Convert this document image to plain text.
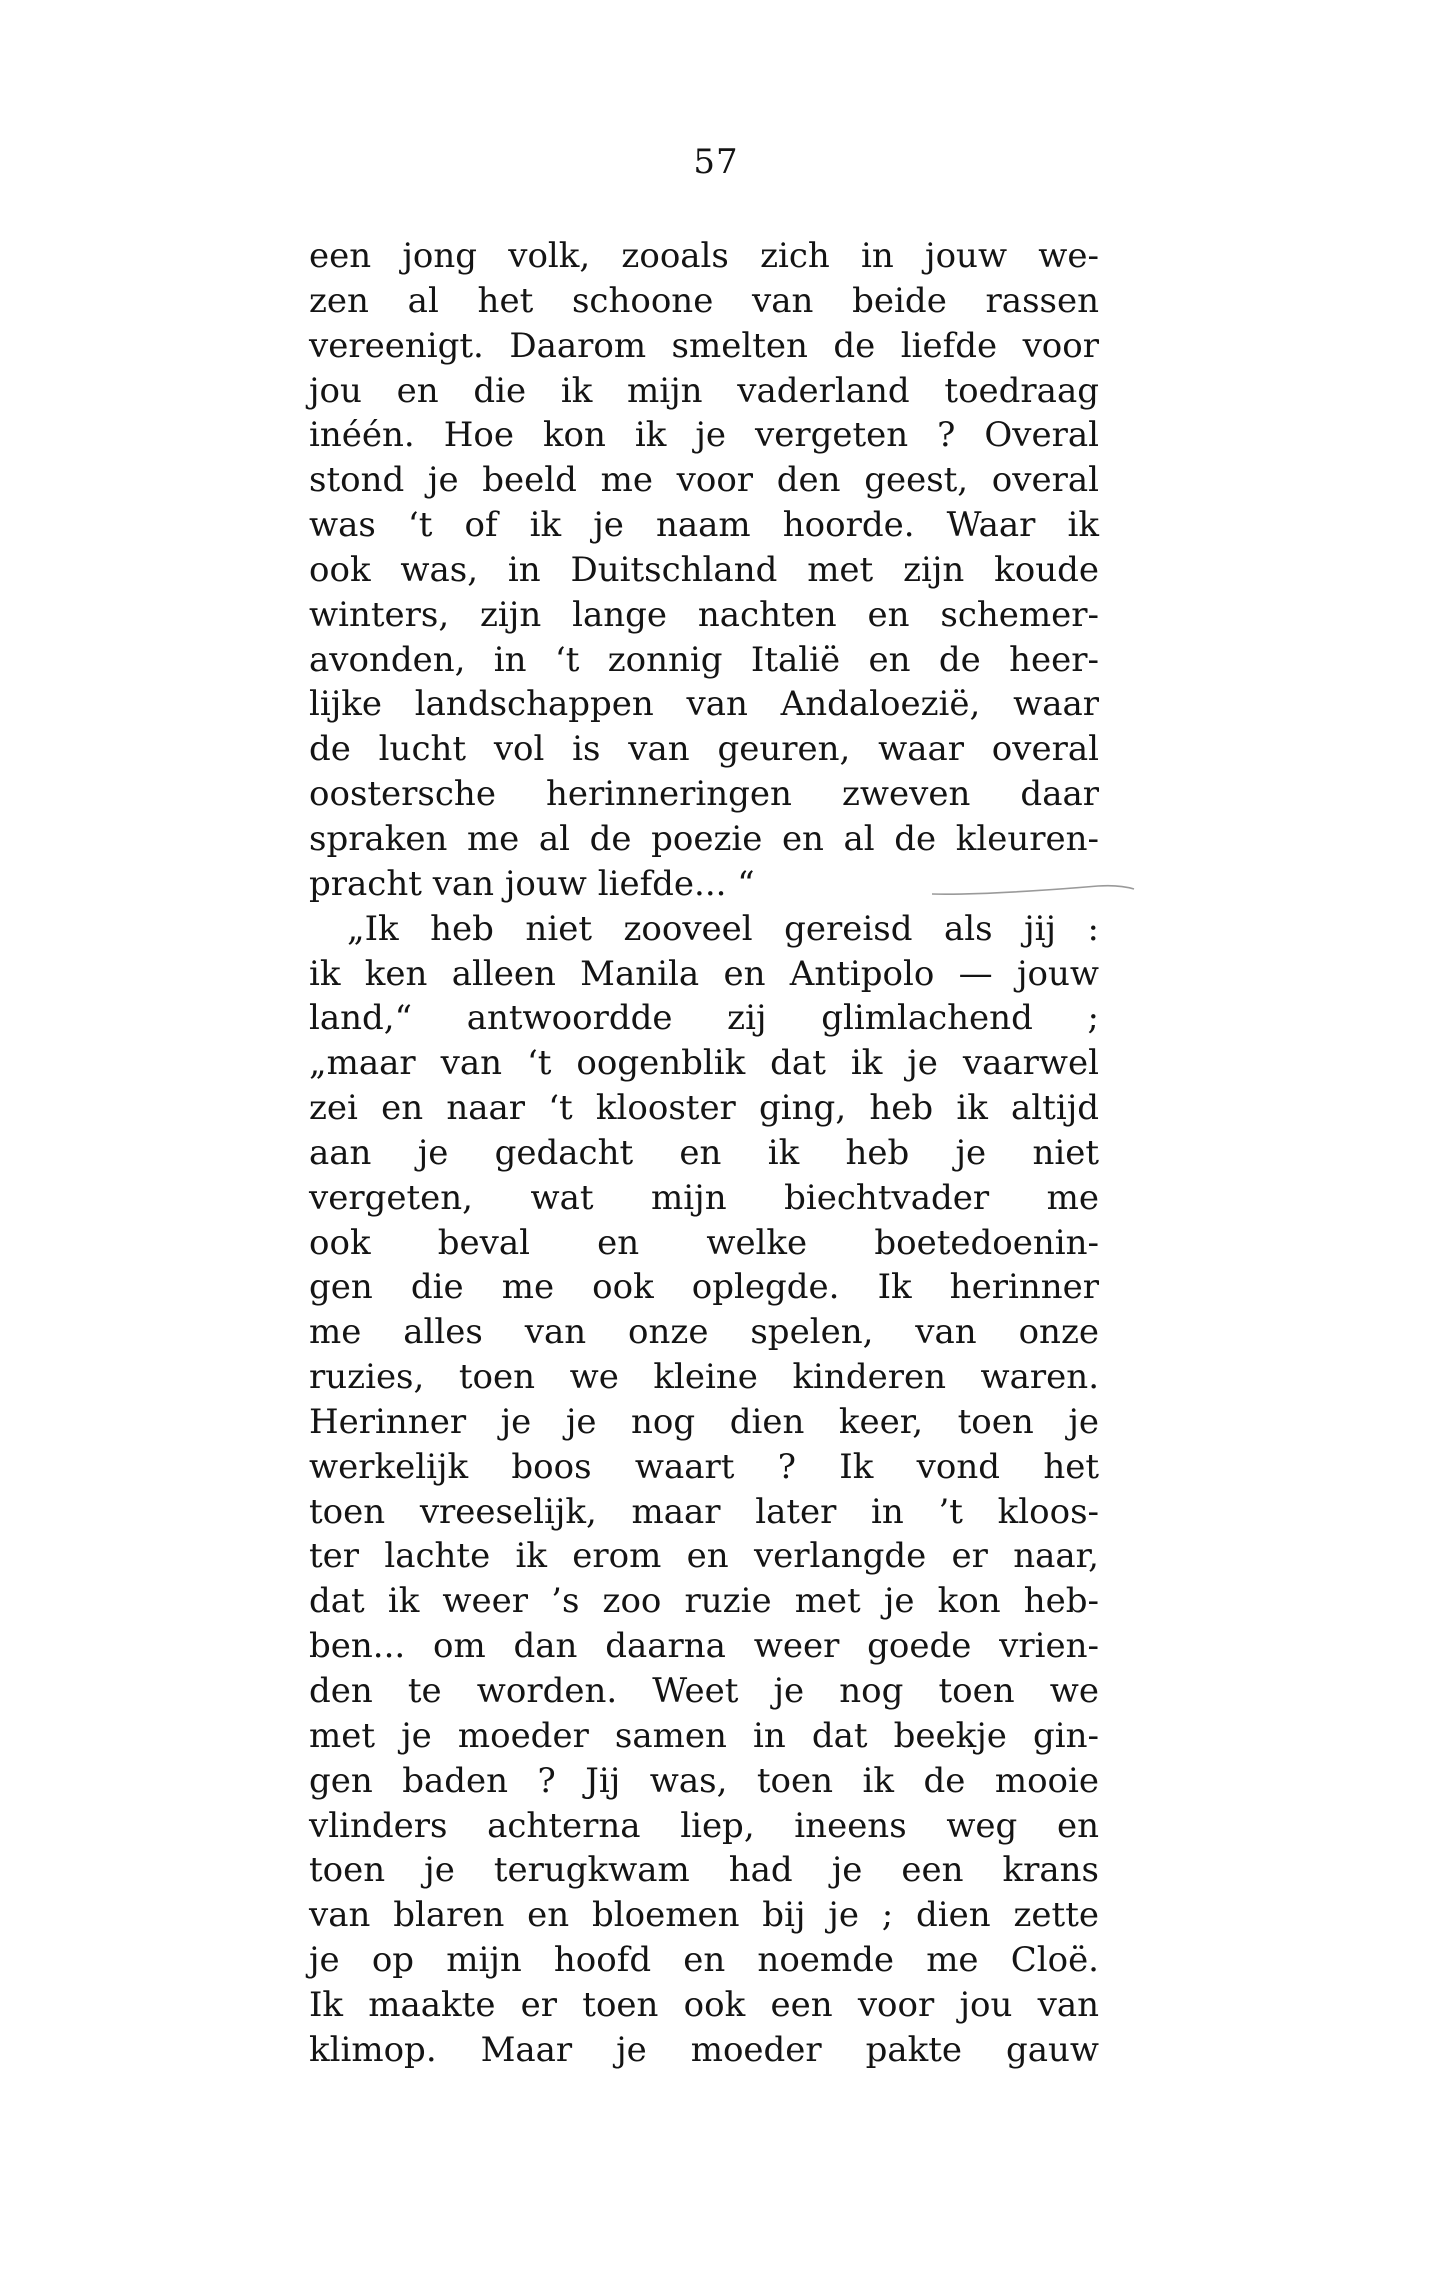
57
een jong volk, zooals zich in jouw we-
zen al het schoone van beide rassen
vereenigt. Daarom smelten de liefde voor
jou en die ik mijn vaderland toedraag
inéén. Hoe kon ik je vergeten ? Overal
stond je beeld me voor den geest, overal
was ‘t of ik je naam hoorde. Waar ik
ook was, in Duitschland met zijn koude
winters, zijn lange nachten en schemer-
avonden, in ‘t zonnig Italië en de heer-
lijke landschappen van Andaloezië, waar
de lucht vol is van geuren, waar overal
oostersche herinneringen zweven daar
spraken me al de poezie en al de kleuren-
pracht van jouw liefde... “
„Ik heb niet zooveel gereisd als jij :
ik ken alleen Manila en Antipolo — jouw
land,“ antwoordde zij glimlachend ;
„maar van ‘t oogenblik dat ik je vaarwel
zei en naar ‘t klooster ging, heb ik altijd
aan je gedacht en ik heb je niet
vergeten, wat mijn biechtvader me
ook beval en welke boetedoenin-
gen die me ook oplegde. Ik herinner
me alles van onze spelen, van onze
ruzies, toen we kleine kinderen waren.
Herinner je je nog dien keer, toen je
werkelijk boos waart ? Ik vond het
toen vreeselijk, maar later in ’t kloos-
ter lachte ik erom en verlangde er naar,
dat ik weer ’s zoo ruzie met je kon heb-
ben... om dan daarna weer goede vrien-
den te worden. Weet je nog toen we
met je moeder samen in dat beekje gin-
gen baden ? Jij was, toen ik de mooie
vlinders achterna liep, ineens weg en
toen je terugkwam had je een krans
van blaren en bloemen bij je ; dien zette
je op mijn hoofd en noemde me Cloë.
Ik maakte er toen ook een voor jou van
klimop. Maar je moeder pakte gauw
